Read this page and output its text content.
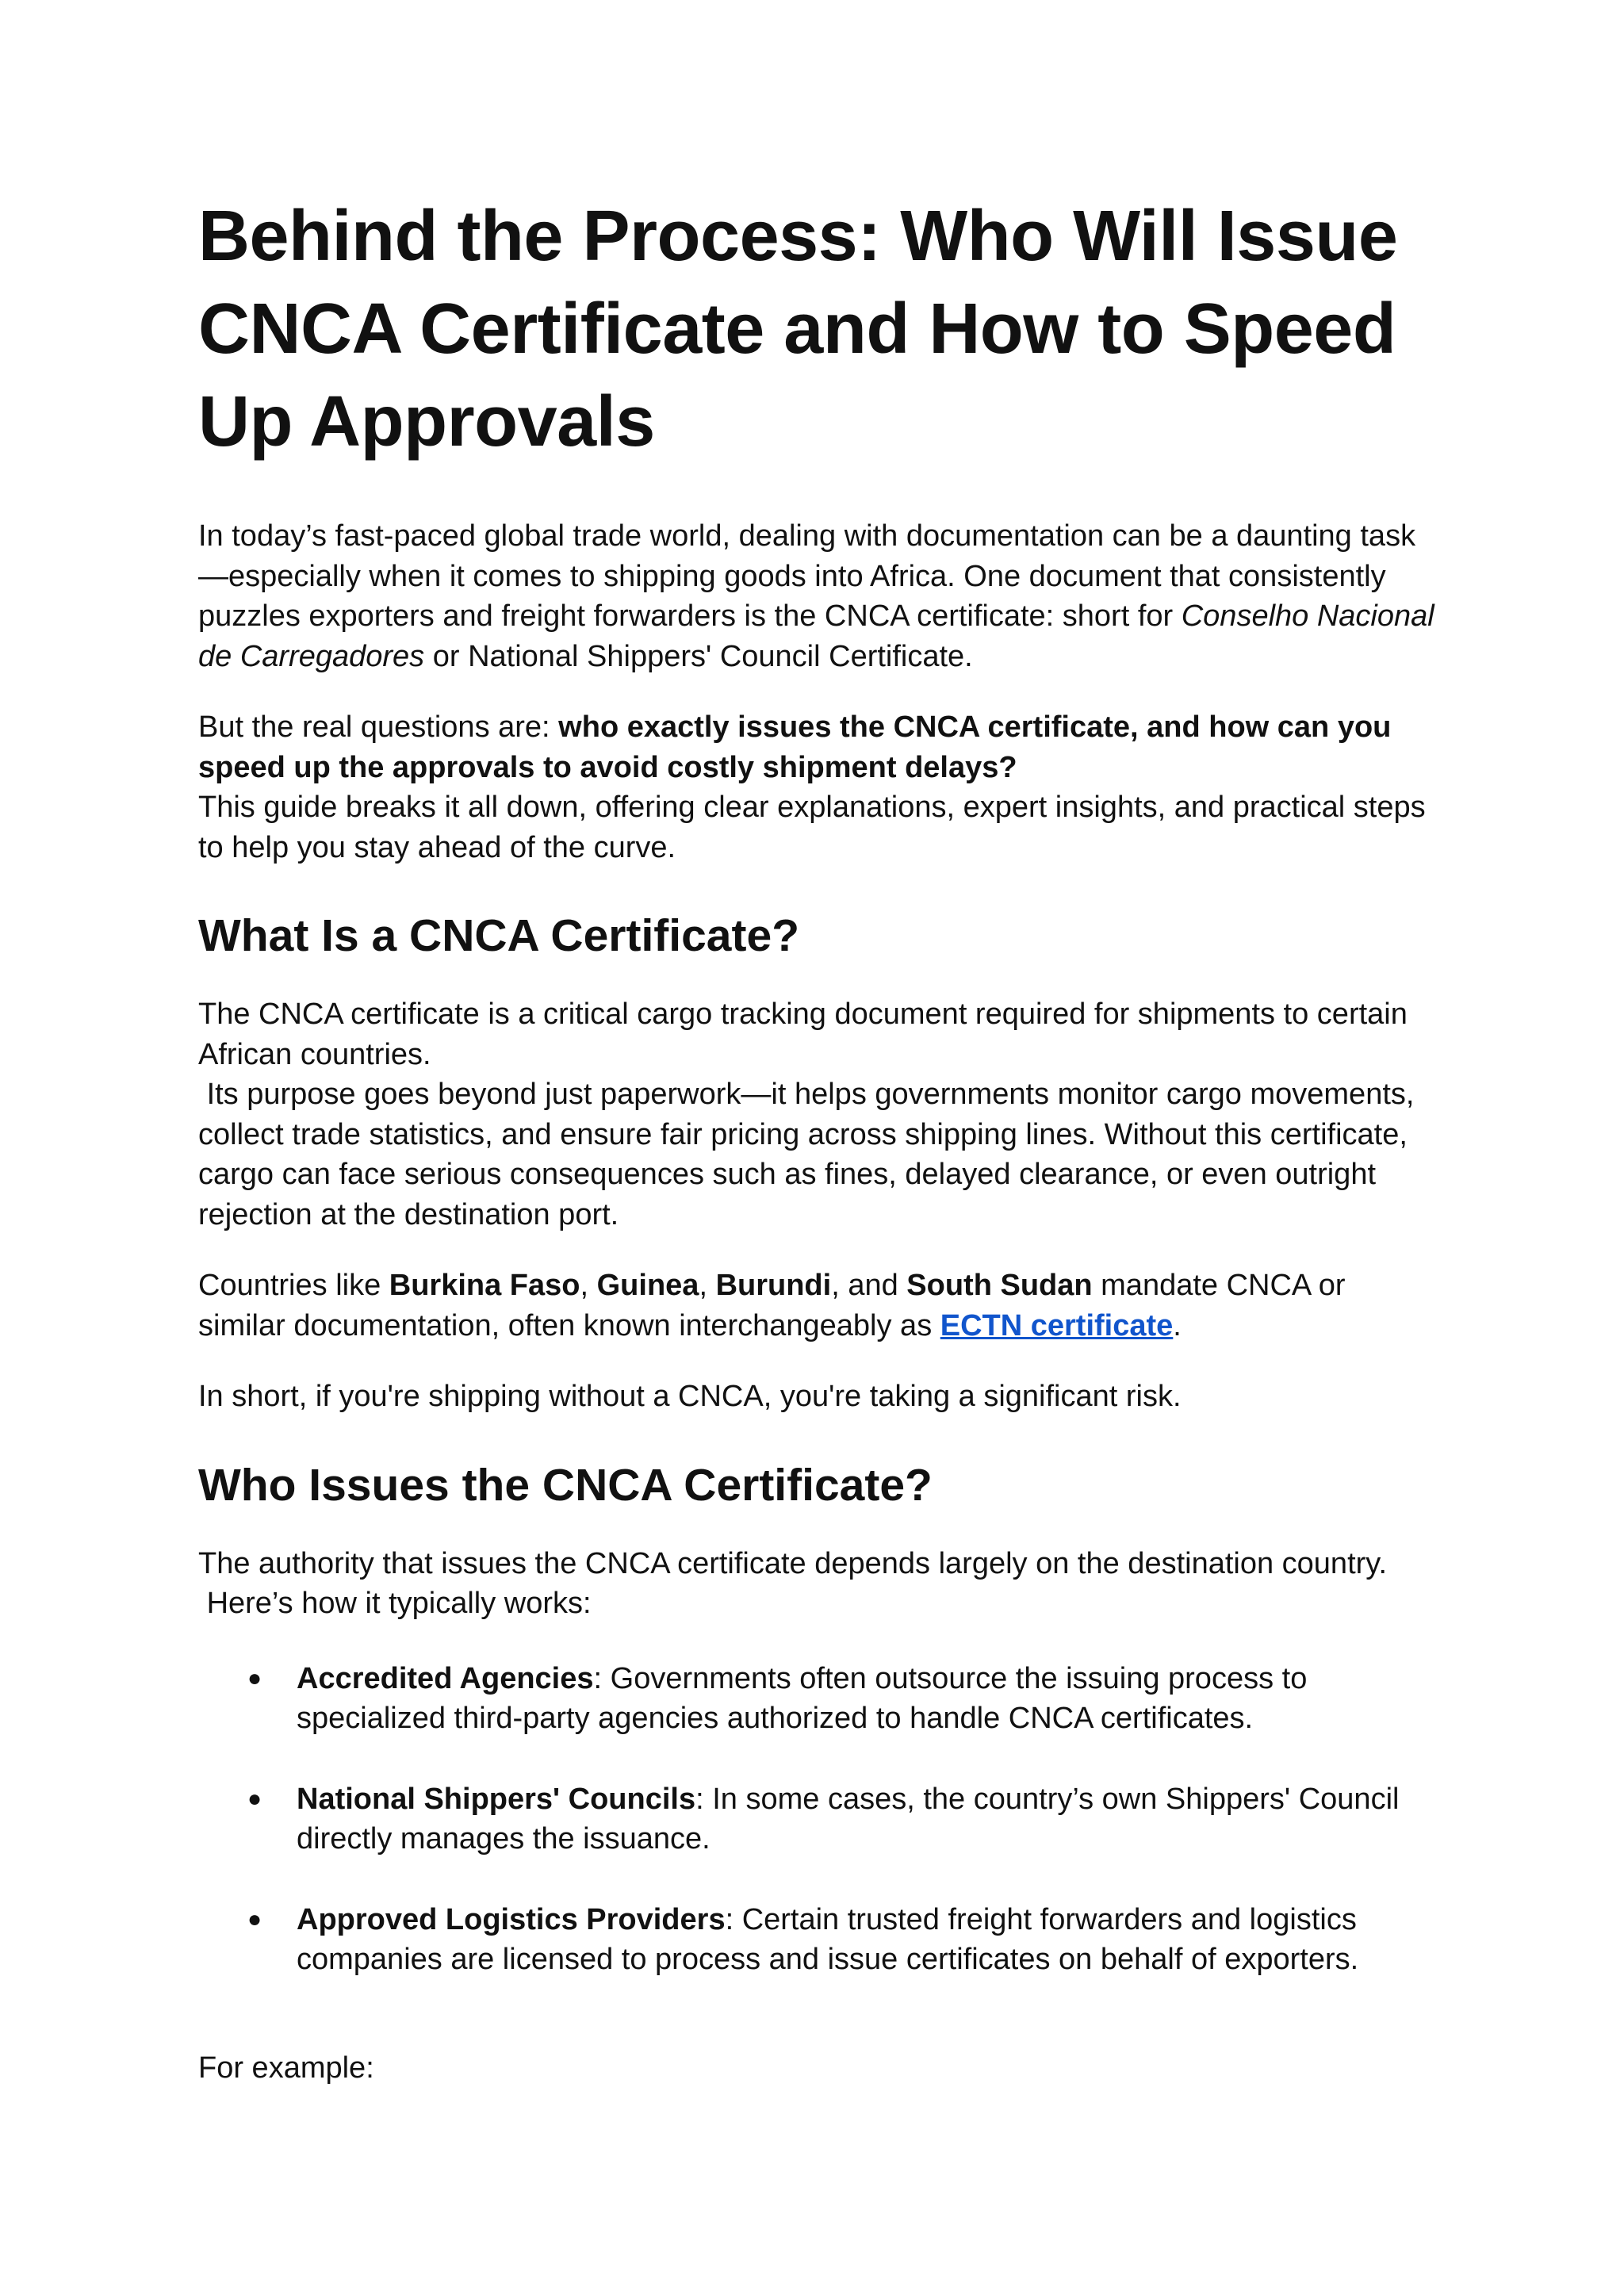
Behind the Process: Who Will Issue CNCA Certificate and How to Speed Up Approvals

In today’s fast-paced global trade world, dealing with documentation can be a daunting task—especially when it comes to shipping goods into Africa. One document that consistently puzzles exporters and freight forwarders is the CNCA certificate: short for Conselho Nacional de Carregadores or National Shippers' Council Certificate.

But the real questions are: who exactly issues the CNCA certificate, and how can you speed up the approvals to avoid costly shipment delays?
This guide breaks it all down, offering clear explanations, expert insights, and practical steps to help you stay ahead of the curve.

What Is a CNCA Certificate?

The CNCA certificate is a critical cargo tracking document required for shipments to certain African countries.
Its purpose goes beyond just paperwork—it helps governments monitor cargo movements, collect trade statistics, and ensure fair pricing across shipping lines. Without this certificate, cargo can face serious consequences such as fines, delayed clearance, or even outright rejection at the destination port.

Countries like Burkina Faso, Guinea, Burundi, and South Sudan mandate CNCA or similar documentation, often known interchangeably as ECTN certificate.

In short, if you're shipping without a CNCA, you're taking a significant risk.

Who Issues the CNCA Certificate?

The authority that issues the CNCA certificate depends largely on the destination country.
Here’s how it typically works:

● Accredited Agencies: Governments often outsource the issuing process to specialized third-party agencies authorized to handle CNCA certificates.
● National Shippers' Councils: In some cases, the country’s own Shippers' Council directly manages the issuance.
● Approved Logistics Providers: Certain trusted freight forwarders and logistics companies are licensed to process and issue certificates on behalf of exporters.

For example:
